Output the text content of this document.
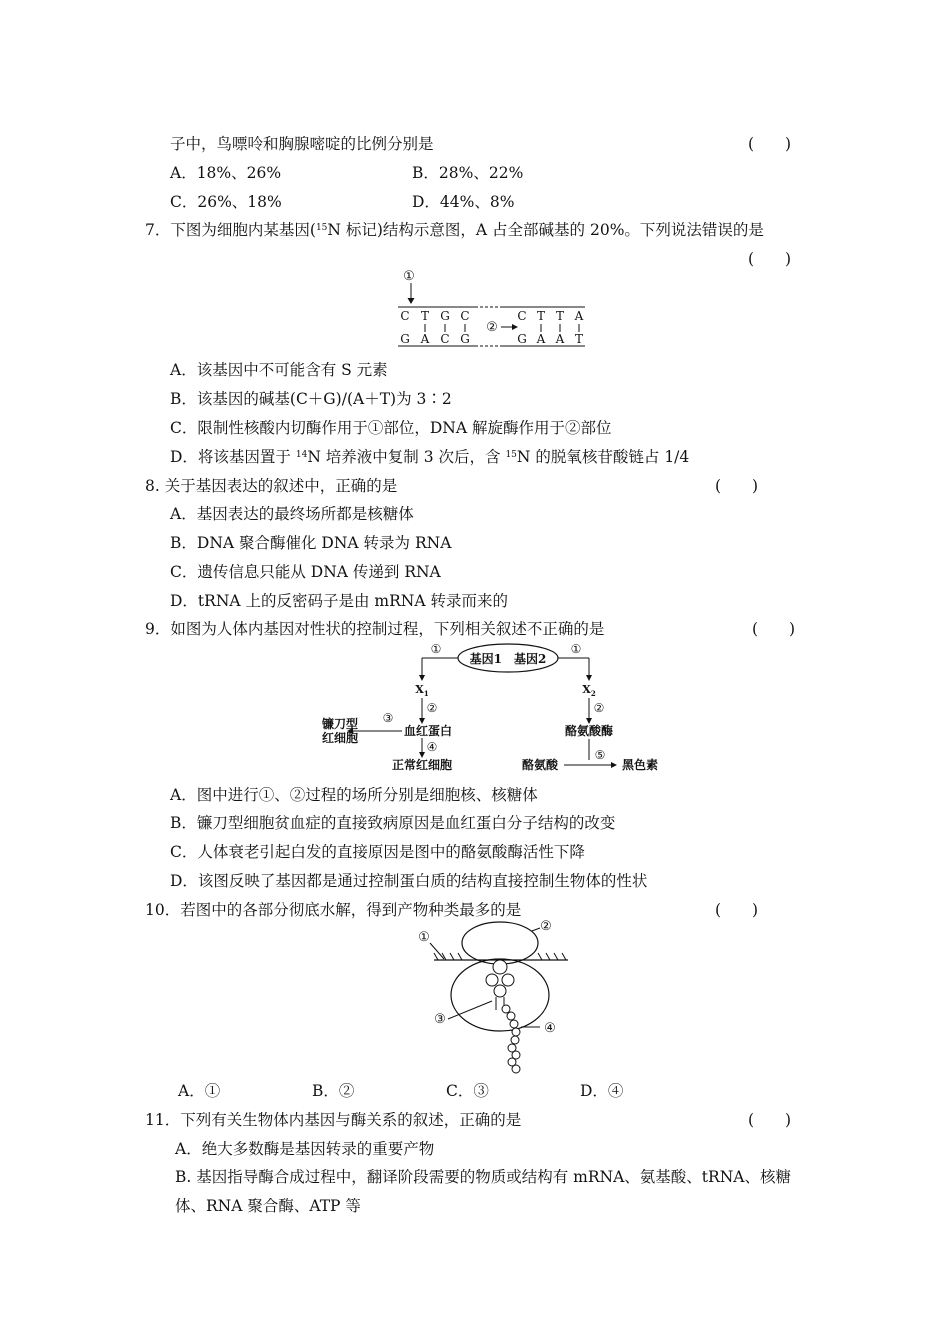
子中，鸟嘌呤和胸腺嘧啶的比例分别是	(　　)
A．18%、26%	B．28%、22%
C．26%、18%	D．44%、8%
7．下图为细胞内某基因($^{15}$N 标记)结构示意图，A 占全部碱基的 20%。下列说法错误的是
(　　)
①
C T G C
G A C G
C T T A
G A A T
②
A．该基因中不可能含有 S 元素
B．该基因的碱基(C＋G)/(A＋T)为 3∶2
C．限制性核酸内切酶作用于①部位，DNA 解旋酶作用于②部位
D．将该基因置于 $^{14}$N 培养液中复制 3 次后，含 $^{15}$N 的脱氧核苷酸链占 1/4
8. 关于基因表达的叙述中，正确的是	(　　)
A．基因表达的最终场所都是核糖体
B．DNA 聚合酶催化 DNA 转录为 RNA
C．遗传信息只能从 DNA 传递到 RNA
D．tRNA 上的反密码子是由 mRNA 转录而来的
9．如图为人体内基因对性状的控制过程，下列相关叙述不正确的是	(　　)
基因1　基因2
①
$X_1$
②
血红蛋白
③
镰刀型
红细胞
④
正常红细胞
①
$X_2$
②
酪氨酸酶
酪氨酸
⑤
黑色素
A．图中进行①、②过程的场所分别是细胞核、核糖体
B．镰刀型细胞贫血症的直接致病原因是血红蛋白分子结构的改变
C．人体衰老引起白发的直接原因是图中的酪氨酸酶活性下降
D．该图反映了基因都是通过控制蛋白质的结构直接控制生物体的性状
10．若图中的各部分彻底水解，得到产物种类最多的是	(　　)
①
②
③
④
A．①	B．②	C．③	D．④
11．下列有关生物体内基因与酶关系的叙述，正确的是	(　　)
A．绝大多数酶是基因转录的重要产物
B. 基因指导酶合成过程中，翻译阶段需要的物质或结构有 mRNA、氨基酸、tRNA、核糖
体、RNA 聚合酶、ATP 等
